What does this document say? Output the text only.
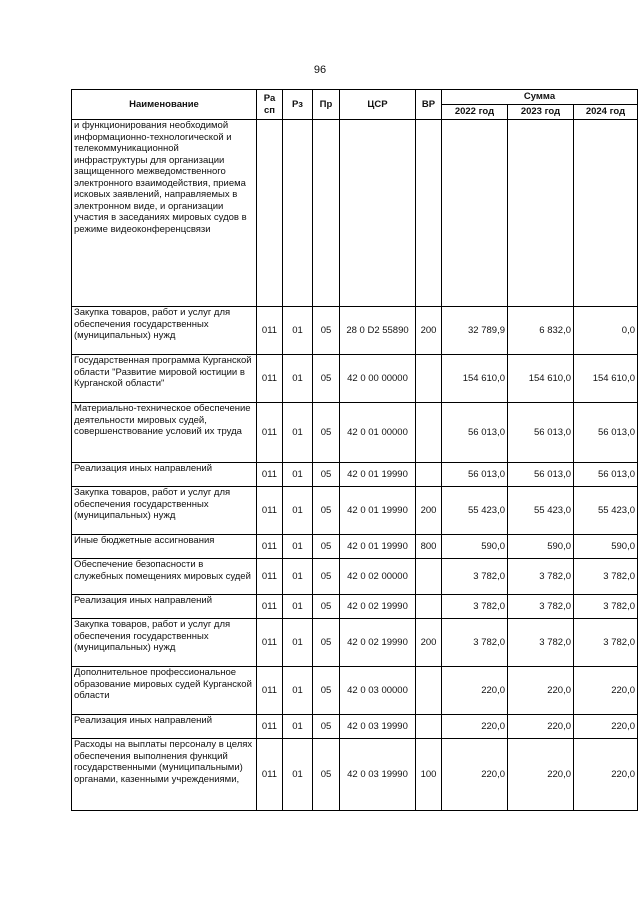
96
Наименование	Ра сп	Рз	Пр	ЦСР	ВР	Сумма		
						2022 год	2023 год	2024 год
и функционирования необходимой информационно-технологической и телекоммуникационной инфраструктуры для организации защищенного межведомственного электронного взаимодействия, приема исковых заявлений, направляемых в электронном виде, и организации участия в заседаниях мировых судов в режиме видеоконференцсвязи								
Закупка товаров, работ и услуг для обеспечения государственных (муниципальных) нужд	011	01	05	28 0 D2 55890	200	32 789,9	6 832,0	0,0
Государственная программа Курганской области "Развитие мировой юстиции в Курганской области"	011	01	05	42 0 00 00000		154 610,0	154 610,0	154 610,0
Материально-техническое обеспечение деятельности мировых судей, совершенствование условий их труда	011	01	05	42 0 01 00000		56 013,0	56 013,0	56 013,0
Реализация иных направлений	011	01	05	42 0 01 19990		56 013,0	56 013,0	56 013,0
Закупка товаров, работ и услуг для обеспечения государственных (муниципальных) нужд	011	01	05	42 0 01 19990	200	55 423,0	55 423,0	55 423,0
Иные бюджетные ассигнования	011	01	05	42 0 01 19990	800	590,0	590,0	590,0
Обеспечение безопасности в служебных помещениях мировых судей	011	01	05	42 0 02 00000		3 782,0	3 782,0	3 782,0
Реализация иных направлений	011	01	05	42 0 02 19990		3 782,0	3 782,0	3 782,0
Закупка товаров, работ и услуг для обеспечения государственных (муниципальных) нужд	011	01	05	42 0 02 19990	200	3 782,0	3 782,0	3 782,0
Дополнительное профессиональное образование мировых судей Курганской области	011	01	05	42 0 03 00000		220,0	220,0	220,0
Реализация иных направлений	011	01	05	42 0 03 19990		220,0	220,0	220,0
Расходы на выплаты персоналу в целях обеспечения выполнения функций государственными (муниципальными) органами, казенными учреждениями,	011	01	05	42 0 03 19990	100	220,0	220,0	220,0
